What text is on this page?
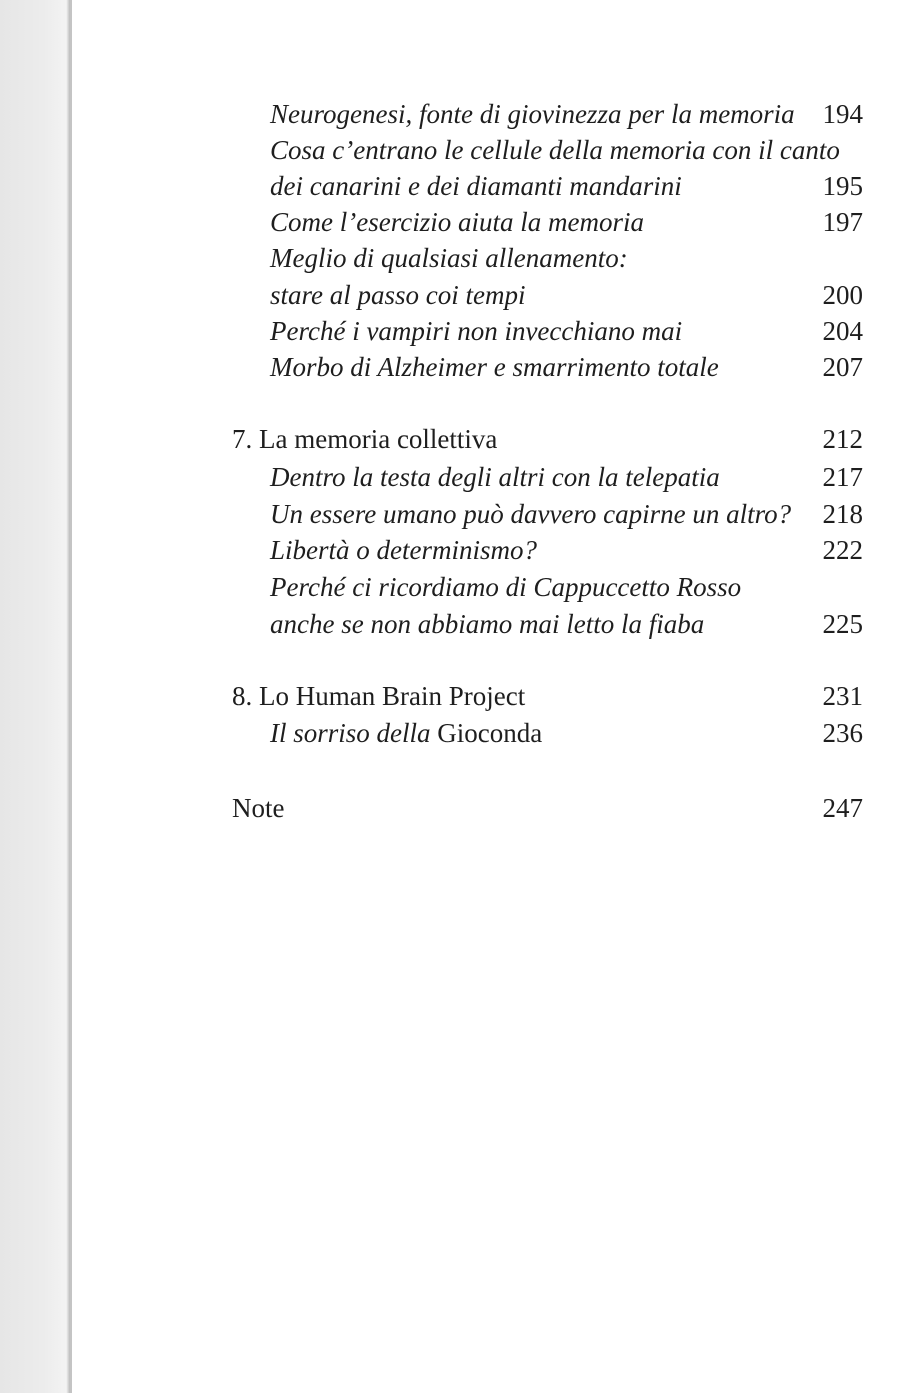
Neurogenesi, fonte di giovinezza per la memoria 194
Cosa c’entrano le cellule della memoria con il canto
dei canarini e dei diamanti mandarini	195
Come l’esercizio aiuta la memoria	197
Meglio di qualsiasi allenamento:
stare al passo coi tempi	200
Perché i vampiri non invecchiano mai	204
Morbo di Alzheimer e smarrimento totale	207
7. La memoria collettiva	212
Dentro la testa degli altri con la telepatia	217
Un essere umano può davvero capirne un altro? 218
Libertà o determinismo?	222
Perché ci ricordiamo di Cappuccetto Rosso
anche se non abbiamo mai letto la fiaba	225
8. Lo Human Brain Project	231
Il sorriso della Gioconda	236
Note	247
